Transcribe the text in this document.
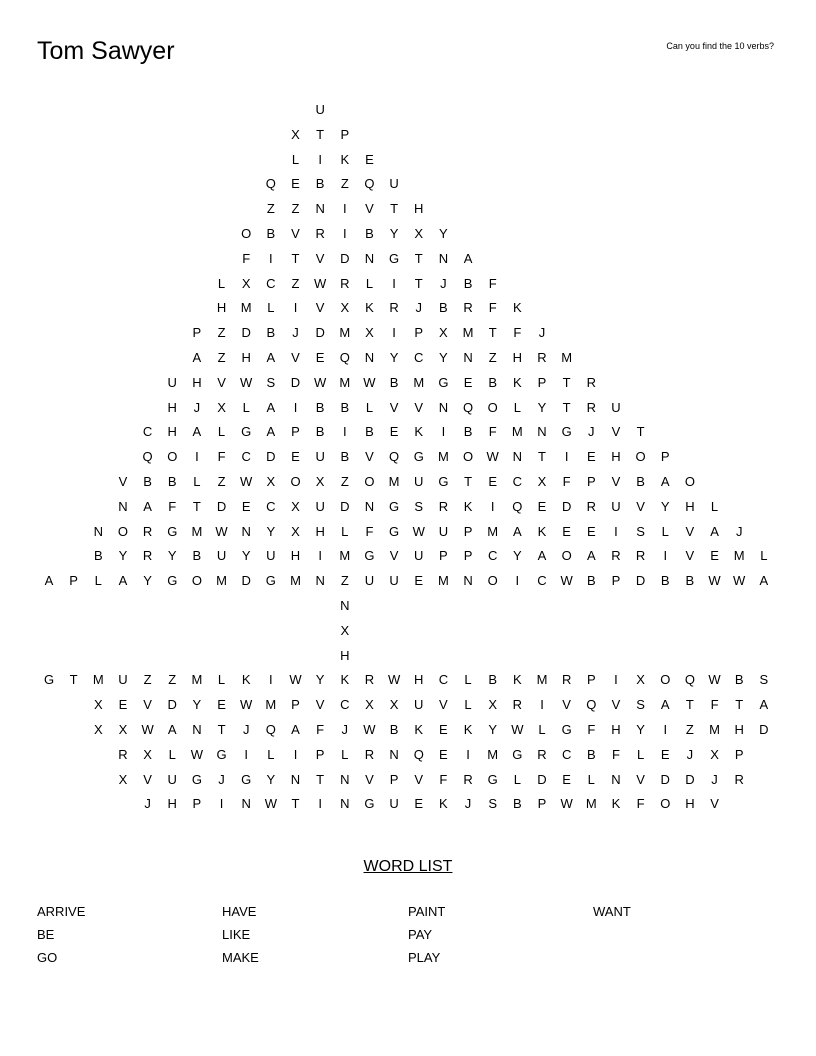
Tom Sawyer	Can you find the 10 verbs?
U
X	T	P
L	I	K	E
Q	E	B	Z	Q	U
Z	Z	N	I	V	T	H
O	B	V	R	I	B	Y	X	Y
F	I	T	V	D	N	G	T	N	A
L	X	C	Z	W	R	L	I	T	J	B	F
H	M	L	I	V	X	K	R	J	B	R	F	K
P	Z	D	B	J	D	M	X	I	P	X	M	T	F	J
A	Z	H	A	V	E	Q	N	Y	C	Y	N	Z	H	R	M
U	H	V	W	S	D	W	M	W	B	M	G	E	B	K	P	T	R
H	J	X	L	A	I	B	B	L	V	V	N	Q	O	L	Y	T	R	U
C	H	A	L	G	A	P	B	I	B	E	K	I	B	F	M	N	G	J	V	T
Q	O	I	F	C	D	E	U	B	V	Q	G	M	O	W	N	T	I	E	H	O	P
V	B	B	L	Z	W	X	O	X	Z	O	M	U	G	T	E	C	X	F	P	V	B	A	O
N	A	F	T	D	E	C	X	U	D	N	G	S	R	K	I	Q	E	D	R	U	V	Y	H	L
N	O	R	G	M	W	N	Y	X	H	L	F	G	W	U	P	M	A	K	E	E	I	S	L	V	A	J
B	Y	R	Y	B	U	Y	U	H	I	M	G	V	U	P	P	C	Y	A	O	A	R	R	I	V	E	M	L
A	P	L	A	Y	G	O	M	D	G	M	N	Z	U	U	E	M	N	O	I	C	W	B	P	D	B	B	W W	A
N
X
H
G	T	M	U	Z	Z	M	L	K	I	W	Y	K	R	W	H	C	L	B	K	M	R	P	I	X	O	Q	W	B	S
X	E	V	D	Y	E	W	M	P	V	C	X	X	U	V	L	X	R	I	V	Q	V	S	A	T	F	T	A
X	X	W	A	N	T	J	Q	A	F	J	W	B	K	E	K	Y	W	L	G	F	H	Y	I	Z	M	H	D
R	X	L	W	G	I	L	I	P	L	R	N	Q	E	I	M	G	R	C	B	F	L	E	J	X	P
X	V	U	G	J	G	Y	N	T	N	V	P	V	F	R	G	L	D	E	L	N	V	D	D	J	R
J	H	P	I	N	W	T	I	N	G	U	E	K	J	S	B	P	W	M	K	F	O	H	V
WORD LIST
ARRIVE
BE
GO
HAVE
LIKE
MAKE
PAINT
PAY
PLAY
WANT
